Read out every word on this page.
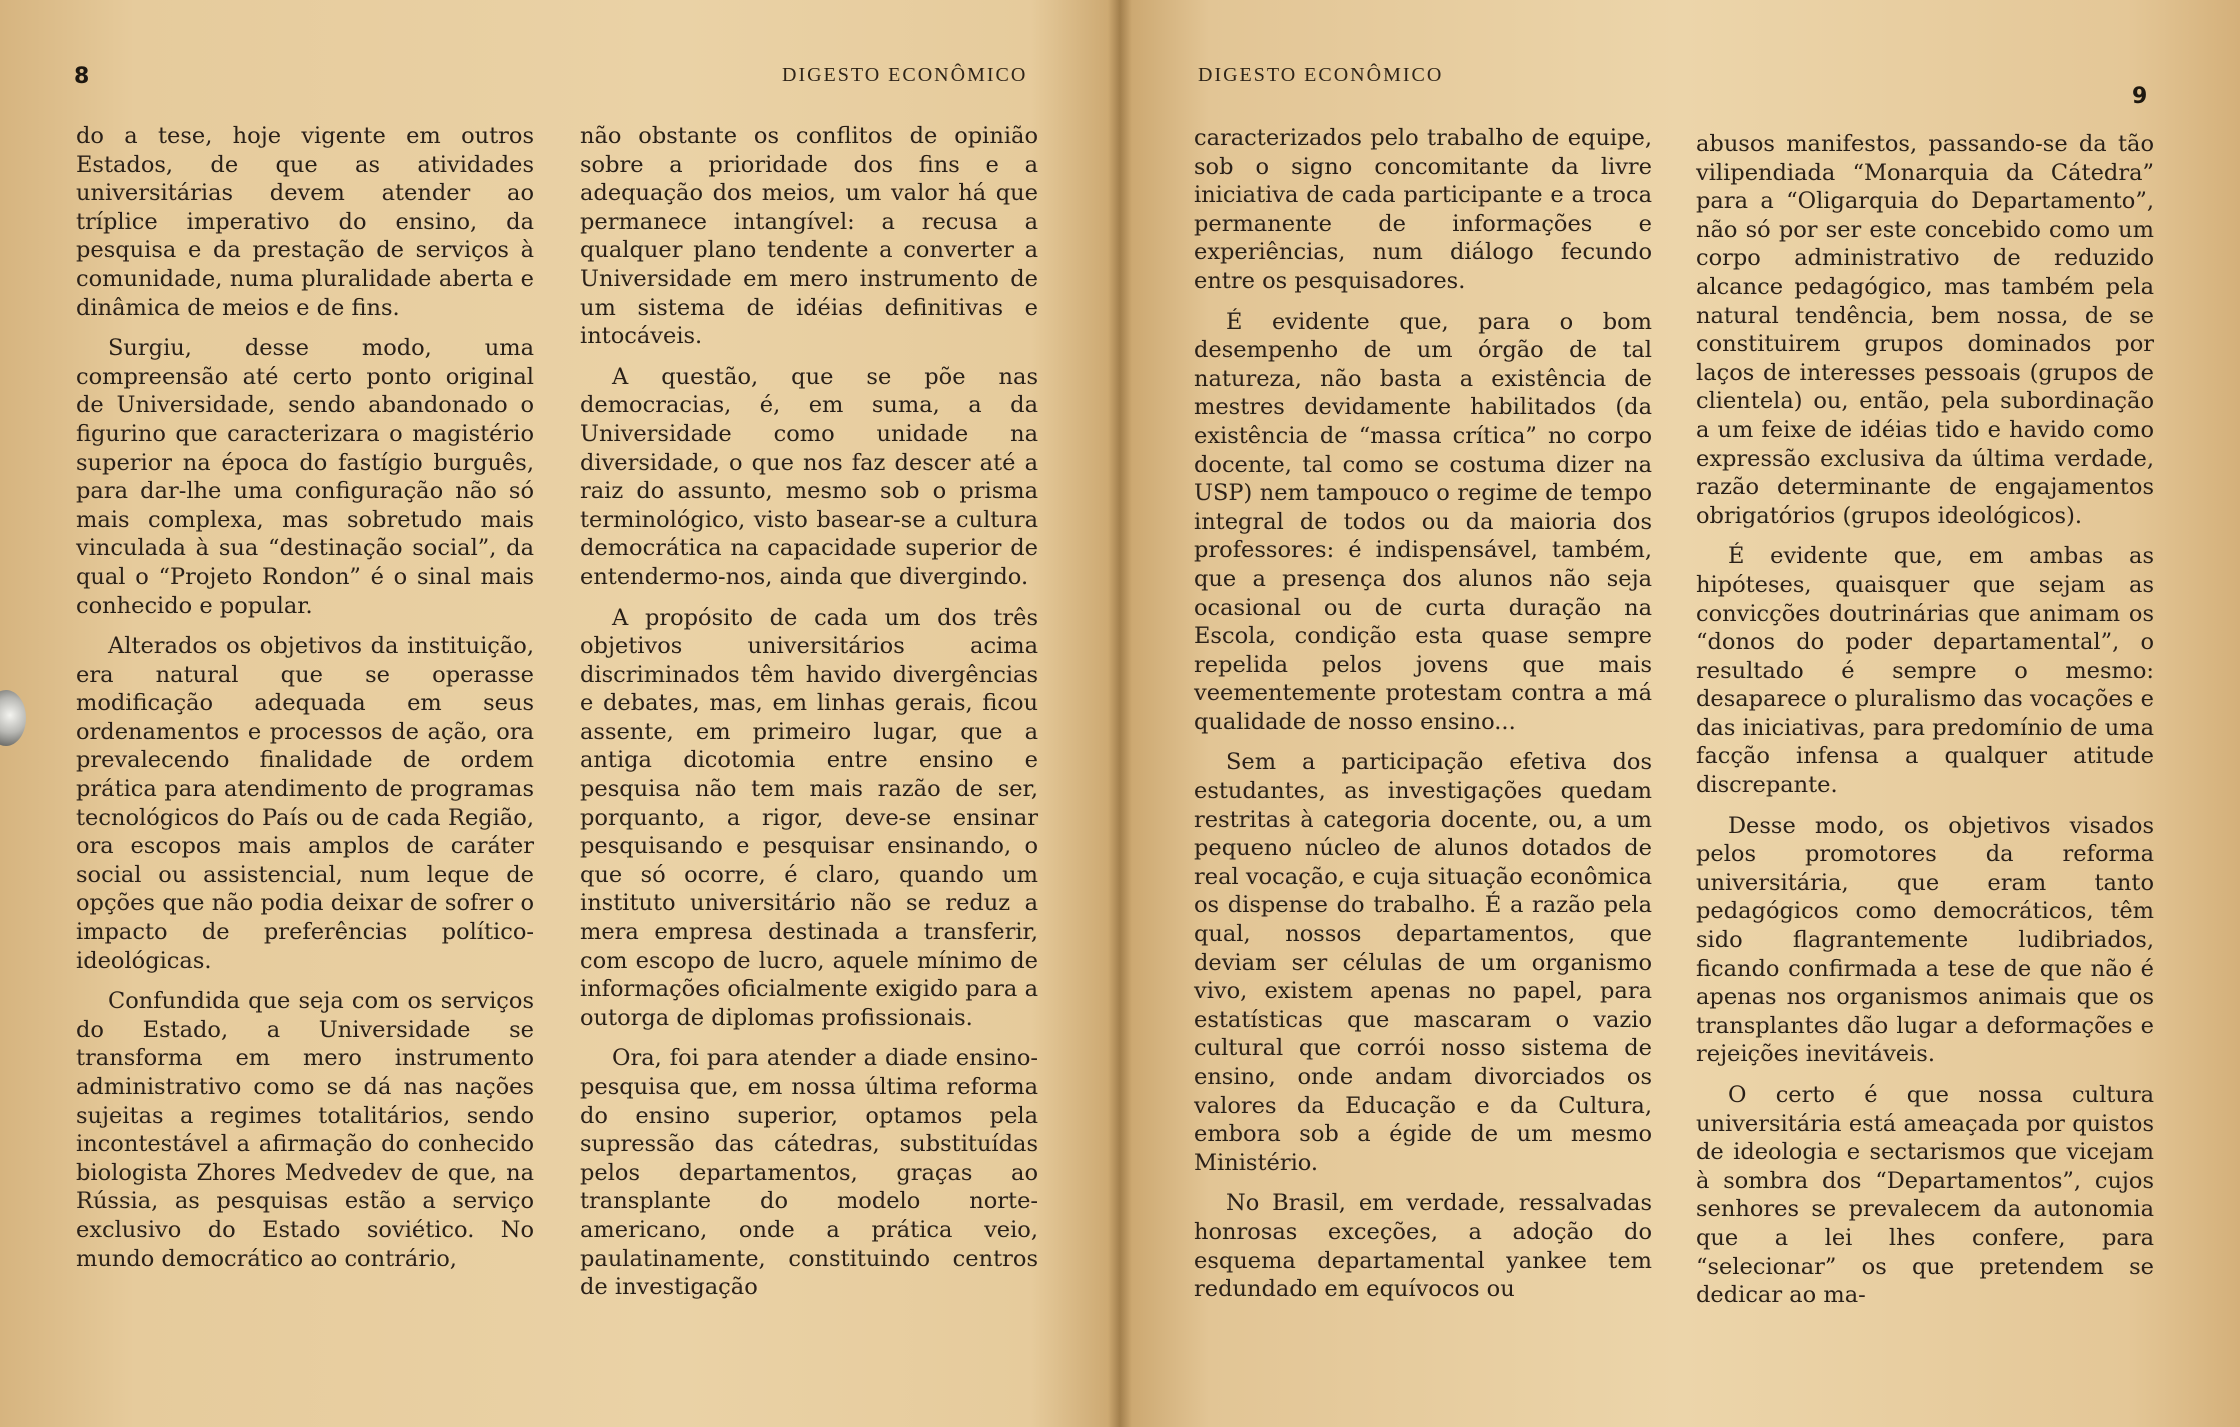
8	DIGESTO ECONÔMICO

do a tese, hoje vigente em outros Estados, de que as atividades universitárias devem atender ao tríplice imperativo do ensino, da pesquisa e da prestação de serviços à comunidade, numa pluralidade aberta e dinâmica de meios e de fins.

Surgiu, desse modo, uma compreensão até certo ponto original de Universidade, sendo abandonado o figurino que caracterizara o magistério superior na época do fastígio burguês, para dar-lhe uma configuração não só mais complexa, mas sobretudo mais vinculada à sua “destinação social”, da qual o “Projeto Rondon” é o sinal mais conhecido e popular.

Alterados os objetivos da instituição, era natural que se operasse modificação adequada em seus ordenamentos e processos de ação, ora prevalecendo finalidade de ordem prática para atendimento de programas tecnológicos do País ou de cada Região, ora escopos mais amplos de caráter social ou assistencial, num leque de opções que não podia deixar de sofrer o impacto de preferências político-ideológicas.

Confundida que seja com os serviços do Estado, a Universidade se transforma em mero instrumento administrativo como se dá nas nações sujeitas a regimes totalitários, sendo incontestável a afirmação do conhecido biologista Zhores Medvedev de que, na Rússia, as pesquisas estão a serviço exclusivo do Estado soviético. No mundo democrático ao contrário,

não obstante os conflitos de opinião sobre a prioridade dos fins e a adequação dos meios, um valor há que permanece intangível: a recusa a qualquer plano tendente a converter a Universidade em mero instrumento de um sistema de idéias definitivas e intocáveis.

A questão, que se põe nas democracias, é, em suma, a da Universidade como unidade na diversidade, o que nos faz descer até a raiz do assunto, mesmo sob o prisma terminológico, visto basear-se a cultura democrática na capacidade superior de entendermo-nos, ainda que divergindo.

A propósito de cada um dos três objetivos universitários acima discriminados têm havido divergências e debates, mas, em linhas gerais, ficou assente, em primeiro lugar, que a antiga dicotomia entre ensino e pesquisa não tem mais razão de ser, porquanto, a rigor, deve-se ensinar pesquisando e pesquisar ensinando, o que só ocorre, é claro, quando um instituto universitário não se reduz a mera empresa destinada a transferir, com escopo de lucro, aquele mínimo de informações oficialmente exigido para a outorga de diplomas profissionais.

Ora, foi para atender a diade ensino-pesquisa que, em nossa última reforma do ensino superior, optamos pela supressão das cátedras, substituídas pelos departamentos, graças ao transplante do modelo norte-americano, onde a prática veio, paulatinamente, constituindo centros de investigação

DIGESTO ECONÔMICO
9

caracterizados pelo trabalho de equipe, sob o signo concomitante da livre iniciativa de cada participante e a troca permanente de informações e experiências, num diálogo fecundo entre os pesquisadores.

É evidente que, para o bom desempenho de um órgão de tal natureza, não basta a existência de mestres devidamente habilitados (da existência de “massa crítica” no corpo docente, tal como se costuma dizer na USP) nem tampouco o regime de tempo integral de todos ou da maioria dos professores: é indispensável, também, que a presença dos alunos não seja ocasional ou de curta duração na Escola, condição esta quase sempre repelida pelos jovens que mais veementemente protestam contra a má qualidade de nosso ensino...

Sem a participação efetiva dos estudantes, as investigações quedam restritas à categoria docente, ou, a um pequeno núcleo de alunos dotados de real vocação, e cuja situação econômica os dispense do trabalho. É a razão pela qual, nossos departamentos, que deviam ser células de um organismo vivo, existem apenas no papel, para estatísticas que mascaram o vazio cultural que corrói nosso sistema de ensino, onde andam divorciados os valores da Educação e da Cultura, embora sob a égide de um mesmo Ministério.

No Brasil, em verdade, ressalvadas honrosas exceções, a adoção do esquema departamental yankee tem redundado em equívocos ou

abusos manifestos, passando-se da tão vilipendiada “Monarquia da Cátedra” para a “Oligarquia do Departamento”, não só por ser este concebido como um corpo administrativo de reduzido alcance pedagógico, mas também pela natural tendência, bem nossa, de se constituirem grupos dominados por laços de interesses pessoais (grupos de clientela) ou, então, pela subordinação a um feixe de idéias tido e havido como expressão exclusiva da última verdade, razão determinante de engajamentos obrigatórios (grupos ideológicos).

É evidente que, em ambas as hipóteses, quaisquer que sejam as convicções doutrinárias que animam os “donos do poder departamental”, o resultado é sempre o mesmo: desaparece o pluralismo das vocações e das iniciativas, para predomínio de uma facção infensa a qualquer atitude discrepante.

Desse modo, os objetivos visados pelos promotores da reforma universitária, que eram tanto pedagógicos como democráticos, têm sido flagrantemente ludibriados, ficando confirmada a tese de que não é apenas nos organismos animais que os transplantes dão lugar a deformações e rejeições inevitáveis.

O certo é que nossa cultura universitária está ameaçada por quistos de ideologia e sectarismos que vicejam à sombra dos “Departamentos”, cujos senhores se prevalecem da autonomia que a lei lhes confere, para “selecionar” os que pretendem se dedicar ao ma-
